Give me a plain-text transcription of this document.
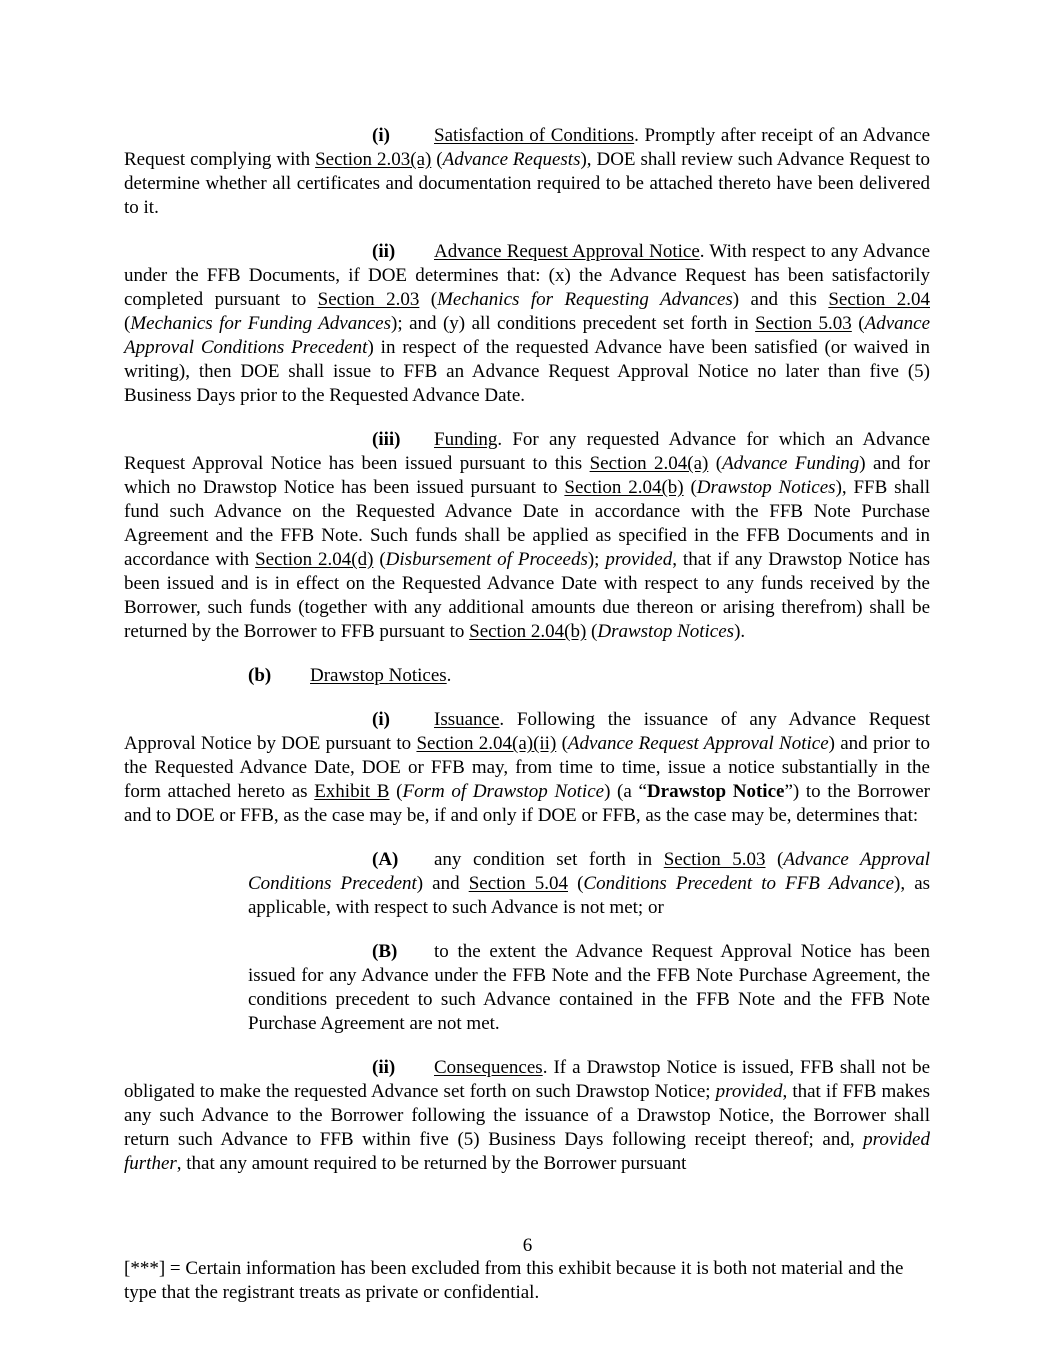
(i) Satisfaction of Conditions. Promptly after receipt of an Advance Request complying with Section 2.03(a) (Advance Requests), DOE shall review such Advance Request to determine whether all certificates and documentation required to be attached thereto have been delivered to it.

(ii) Advance Request Approval Notice. With respect to any Advance under the FFB Documents, if DOE determines that: (x) the Advance Request has been satisfactorily completed pursuant to Section 2.03 (Mechanics for Requesting Advances) and this Section 2.04 (Mechanics for Funding Advances); and (y) all conditions precedent set forth in Section 5.03 (Advance Approval Conditions Precedent) in respect of the requested Advance have been satisfied (or waived in writing), then DOE shall issue to FFB an Advance Request Approval Notice no later than five (5) Business Days prior to the Requested Advance Date.

(iii) Funding. For any requested Advance for which an Advance Request Approval Notice has been issued pursuant to this Section 2.04(a) (Advance Funding) and for which no Drawstop Notice has been issued pursuant to Section 2.04(b) (Drawstop Notices), FFB shall fund such Advance on the Requested Advance Date in accordance with the FFB Note Purchase Agreement and the FFB Note. Such funds shall be applied as specified in the FFB Documents and in accordance with Section 2.04(d) (Disbursement of Proceeds); provided, that if any Drawstop Notice has been issued and is in effect on the Requested Advance Date with respect to any funds received by the Borrower, such funds (together with any additional amounts due thereon or arising therefrom) shall be returned by the Borrower to FFB pursuant to Section 2.04(b) (Drawstop Notices).

(b) Drawstop Notices.

(i) Issuance. Following the issuance of any Advance Request Approval Notice by DOE pursuant to Section 2.04(a)(ii) (Advance Request Approval Notice) and prior to the Requested Advance Date, DOE or FFB may, from time to time, issue a notice substantially in the form attached hereto as Exhibit B (Form of Drawstop Notice) (a “Drawstop Notice”) to the Borrower and to DOE or FFB, as the case may be, if and only if DOE or FFB, as the case may be, determines that:

(A) any condition set forth in Section 5.03 (Advance Approval Conditions Precedent) and Section 5.04 (Conditions Precedent to FFB Advance), as applicable, with respect to such Advance is not met; or

(B) to the extent the Advance Request Approval Notice has been issued for any Advance under the FFB Note and the FFB Note Purchase Agreement, the conditions precedent to such Advance contained in the FFB Note and the FFB Note Purchase Agreement are not met.

(ii) Consequences. If a Drawstop Notice is issued, FFB shall not be obligated to make the requested Advance set forth on such Drawstop Notice; provided, that if FFB makes any such Advance to the Borrower following the issuance of a Drawstop Notice, the Borrower shall return such Advance to FFB within five (5) Business Days following receipt thereof; and, provided further, that any amount required to be returned by the Borrower pursuant

6
[***] = Certain information has been excluded from this exhibit because it is both not material and the type that the registrant treats as private or confidential.
